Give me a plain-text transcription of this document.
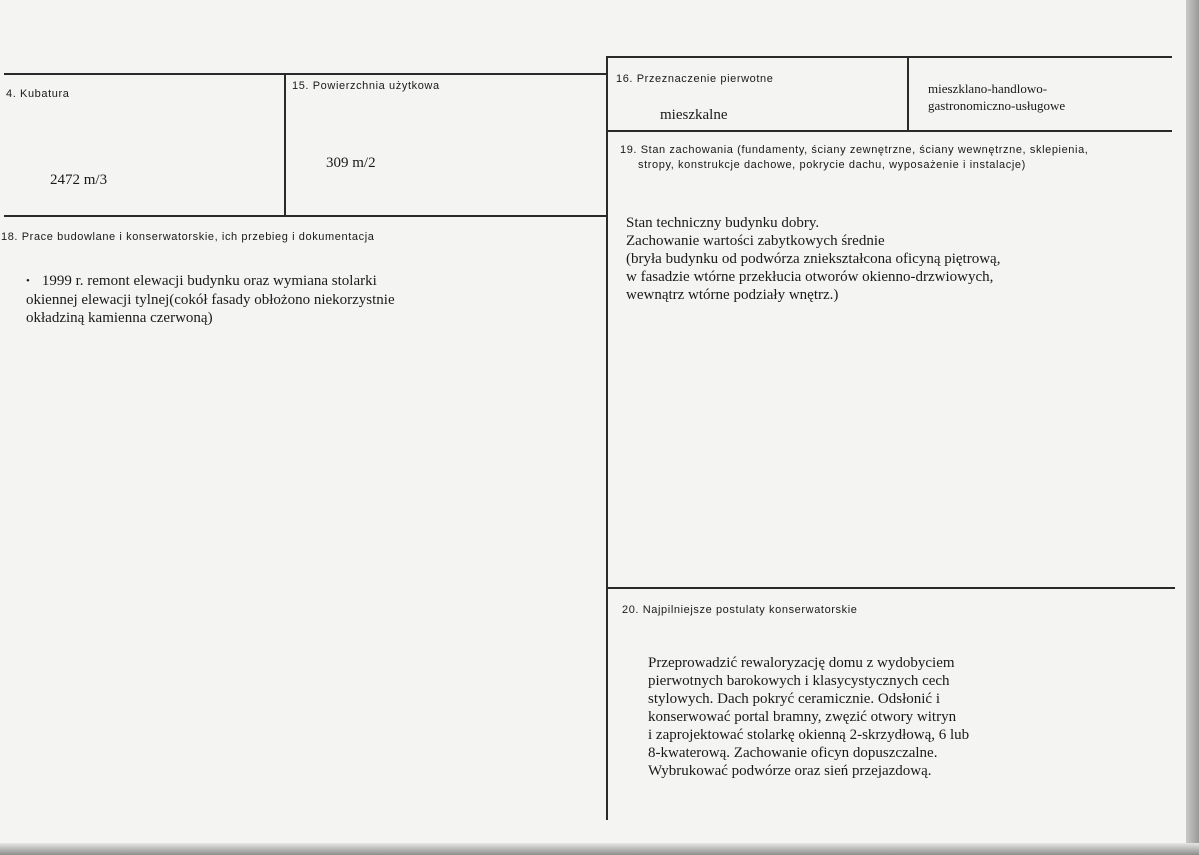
4. Kubatura
2472 m/3
15. Powierzchnia użytkowa
309 m/2
16. Przeznaczenie pierwotne
mieszkalne
mieszklano-handlowo-
gastronomiczno-usługowe
19. Stan zachowania (fundamenty, ściany zewnętrzne, ściany wewnętrzne, sklepienia,
stropy, konstrukcje dachowe, pokrycie dachu, wyposażenie i instalacje)
Stan techniczny budynku dobry.
Zachowanie wartości zabytkowych średnie
(bryła budynku od podwórza zniekształcona oficyną piętrową,
w fasadzie wtórne przekłucia otworów okienno-drzwiowych,
wewnątrz wtórne podziały wnętrz.)
18. Prace budowlane i konserwatorskie, ich przebieg i dokumentacja
• 1999 r. remont elewacji budynku oraz wymiana stolarki
okiennej elewacji tylnej(cokół fasady obłożono niekorzystnie
okładziną kamienna czerwoną)
20. Najpilniejsze postulaty konserwatorskie
Przeprowadzić rewaloryzację domu z wydobyciem
pierwotnych barokowych i klasycystycznych cech
stylowych. Dach pokryć ceramicznie. Odsłonić i
konserwować portal bramny, zwęzić otwory witryn
i zaprojektować stolarkę okienną 2-skrzydłową, 6 lub
8-kwaterową. Zachowanie oficyn dopuszczalne.
Wybrukować podwórze oraz sień przejazdową.
